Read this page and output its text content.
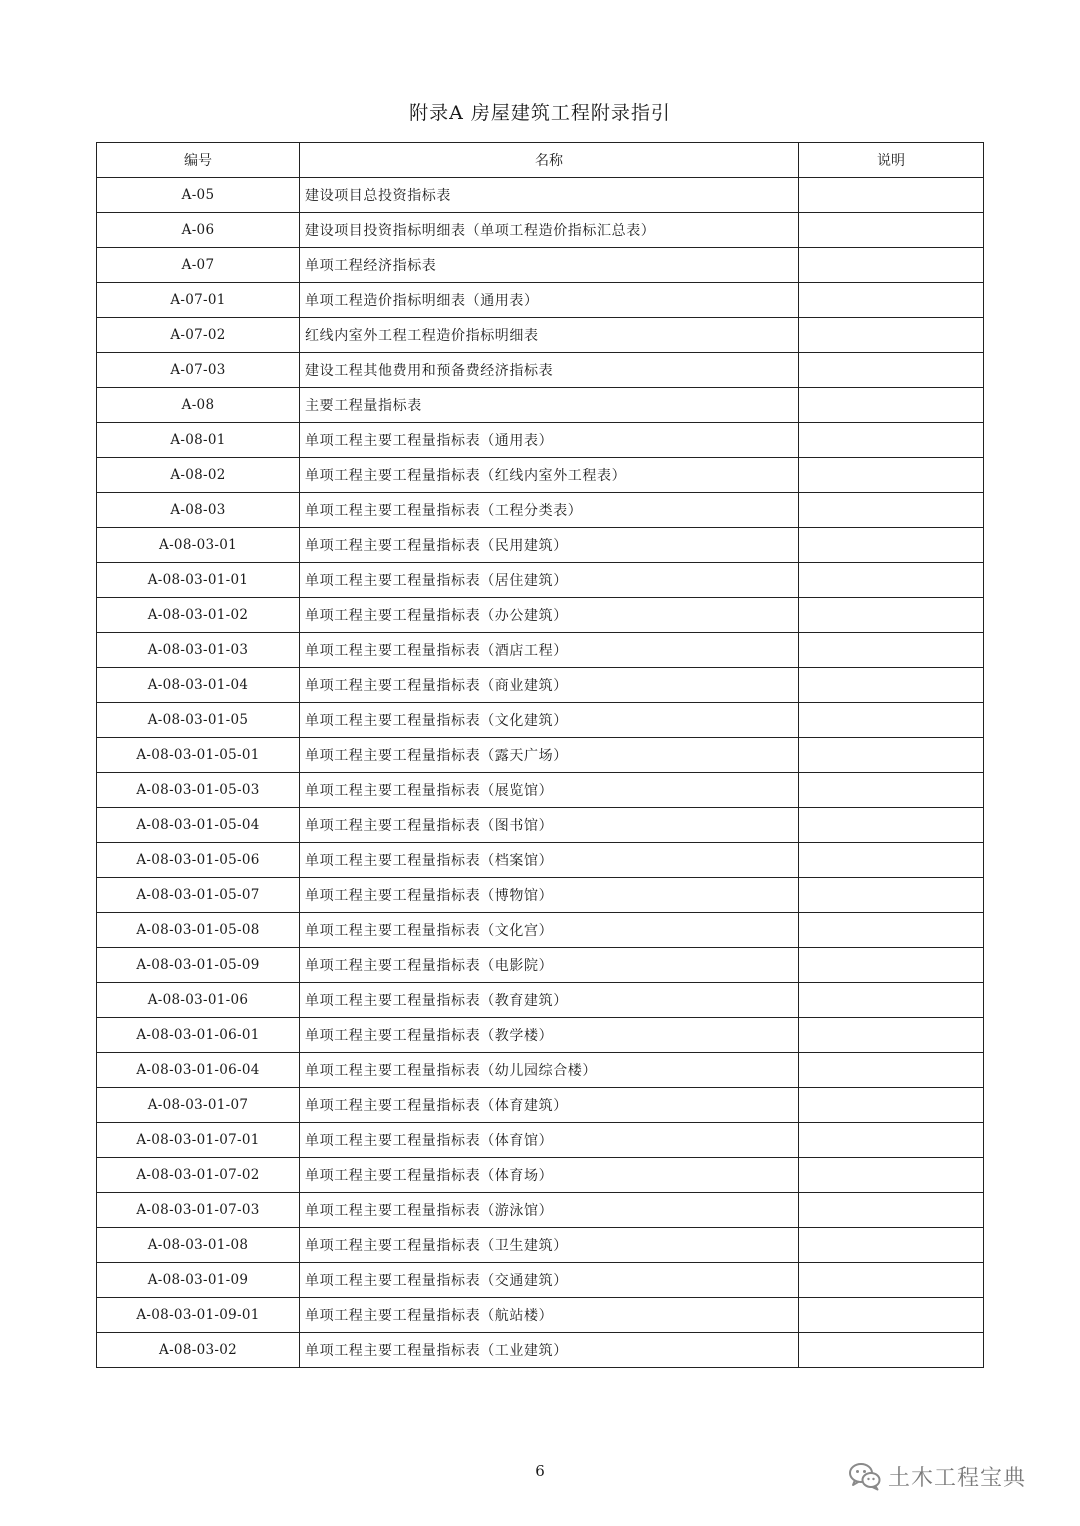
附录A 房屋建筑工程附录指引
编号	名称	说明
A-05	建设项目总投资指标表	
A-06	建设项目投资指标明细表（单项工程造价指标汇总表）	
A-07	单项工程经济指标表	
A-07-01	单项工程造价指标明细表（通用表）	
A-07-02	红线内室外工程工程造价指标明细表	
A-07-03	建设工程其他费用和预备费经济指标表	
A-08	主要工程量指标表	
A-08-01	单项工程主要工程量指标表（通用表）	
A-08-02	单项工程主要工程量指标表（红线内室外工程表）	
A-08-03	单项工程主要工程量指标表（工程分类表）	
A-08-03-01	单项工程主要工程量指标表（民用建筑）	
A-08-03-01-01	单项工程主要工程量指标表（居住建筑）	
A-08-03-01-02	单项工程主要工程量指标表（办公建筑）	
A-08-03-01-03	单项工程主要工程量指标表（酒店工程）	
A-08-03-01-04	单项工程主要工程量指标表（商业建筑）	
A-08-03-01-05	单项工程主要工程量指标表（文化建筑）	
A-08-03-01-05-01	单项工程主要工程量指标表（露天广场）	
A-08-03-01-05-03	单项工程主要工程量指标表（展览馆）	
A-08-03-01-05-04	单项工程主要工程量指标表（图书馆）	
A-08-03-01-05-06	单项工程主要工程量指标表（档案馆）	
A-08-03-01-05-07	单项工程主要工程量指标表（博物馆）	
A-08-03-01-05-08	单项工程主要工程量指标表（文化宫）	
A-08-03-01-05-09	单项工程主要工程量指标表（电影院）	
A-08-03-01-06	单项工程主要工程量指标表（教育建筑）	
A-08-03-01-06-01	单项工程主要工程量指标表（教学楼）	
A-08-03-01-06-04	单项工程主要工程量指标表（幼儿园综合楼）	
A-08-03-01-07	单项工程主要工程量指标表（体育建筑）	
A-08-03-01-07-01	单项工程主要工程量指标表（体育馆）	
A-08-03-01-07-02	单项工程主要工程量指标表（体育场）	
A-08-03-01-07-03	单项工程主要工程量指标表（游泳馆）	
A-08-03-01-08	单项工程主要工程量指标表（卫生建筑）	
A-08-03-01-09	单项工程主要工程量指标表（交通建筑）	
A-08-03-01-09-01	单项工程主要工程量指标表（航站楼）	
A-08-03-02	单项工程主要工程量指标表（工业建筑）	
6	土木工程宝典
